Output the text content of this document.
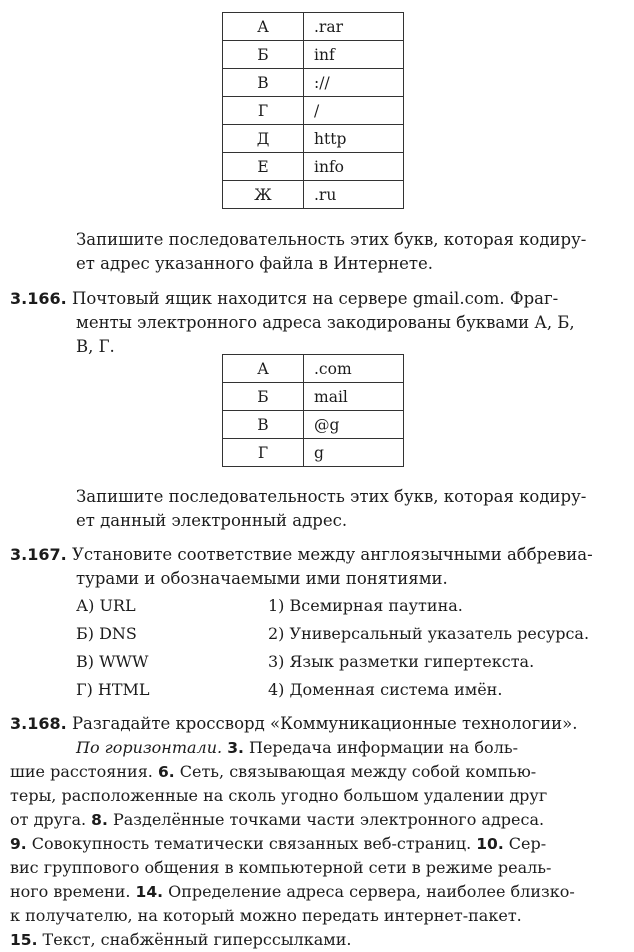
А	.rar
Б	inf
В	://
Г	/
Д	http
Е	info
Ж	.ru

Запишите последовательность этих букв, которая кодиру-
ет адрес указанного файла в Интернете.

3.166. Почтовый ящик находится на сервере gmail.com. Фраг-
менты электронного адреса закодированы буквами А, Б,
В, Г.

А	.com
Б	mail
В	@g
Г	g

Запишите последовательность этих букв, которая кодиру-
ет данный электронный адрес.

3.167. Установите соответствие между англоязычными аббревиа-
турами и обозначаемыми ими понятиями.

А) URL
Б) DNS
В) WWW
Г) HTML
1) Всемирная паутина.
2) Универсальный указатель ресурса.
3) Язык разметки гипертекста.
4) Доменная система имён.

3.168. Разгадайте кроссворд «Коммуникационные технологии».

По горизонтали. 3. Передача информации на боль-
шие расстояния. 6. Сеть, связывающая между собой компью-
теры, расположенные на сколь угодно большом удалении друг
от друга. 8. Разделённые точками части электронного адреса.
9. Совокупность тематически связанных веб-страниц. 10. Сер-
вис группового общения в компьютерной сети в режиме реаль-
ного времени. 14. Определение адреса сервера, наиболее близко-
к получателю, на который можно передать интернет-пакет.
15. Текст, снабжённый гиперссылками.
